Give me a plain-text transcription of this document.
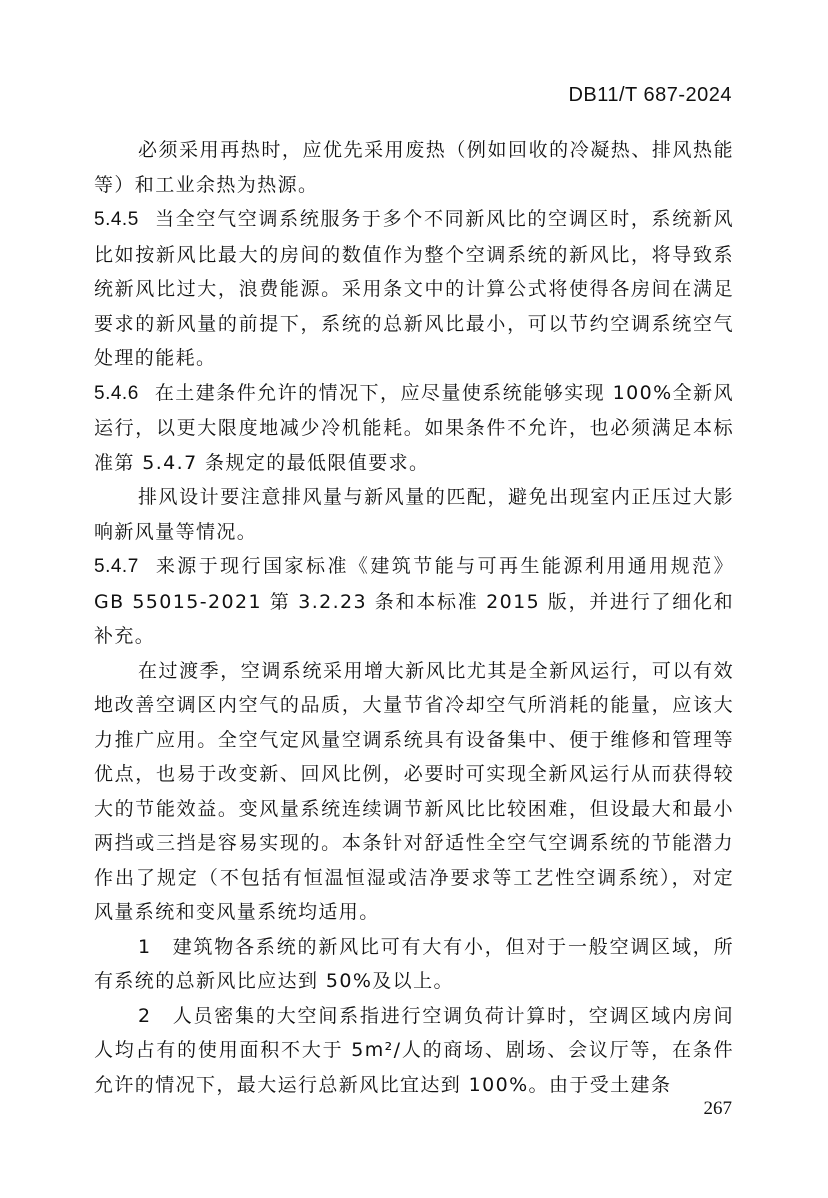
DB11/T 687-2024

必须采用再热时，应优先采用废热（例如回收的冷凝热、排风热能等）和工业余热为热源。

5.4.5 当全空气空调系统服务于多个不同新风比的空调区时，系统新风比如按新风比最大的房间的数值作为整个空调系统的新风比，将导致系统新风比过大，浪费能源。采用条文中的计算公式将使得各房间在满足要求的新风量的前提下，系统的总新风比最小，可以节约空调系统空气处理的能耗。

5.4.6 在土建条件允许的情况下，应尽量使系统能够实现 100%全新风运行，以更大限度地减少冷机能耗。如果条件不允许，也必须满足本标准第 5.4.7 条规定的最低限值要求。

排风设计要注意排风量与新风量的匹配，避免出现室内正压过大影响新风量等情况。

5.4.7 来源于现行国家标准《建筑节能与可再生能源利用通用规范》GB 55015-2021 第 3.2.23 条和本标准 2015 版，并进行了细化和补充。

在过渡季，空调系统采用增大新风比尤其是全新风运行，可以有效地改善空调区内空气的品质，大量节省冷却空气所消耗的能量，应该大力推广应用。全空气定风量空调系统具有设备集中、便于维修和管理等优点，也易于改变新、回风比例，必要时可实现全新风运行从而获得较大的节能效益。变风量系统连续调节新风比比较困难，但设最大和最小两挡或三挡是容易实现的。本条针对舒适性全空气空调系统的节能潜力作出了规定（不包括有恒温恒湿或洁净要求等工艺性空调系统），对定风量系统和变风量系统均适用。

1　建筑物各系统的新风比可有大有小，但对于一般空调区域，所有系统的总新风比应达到 50%及以上。

2　人员密集的大空间系指进行空调负荷计算时，空调区域内房间人均占有的使用面积不大于 5m²/人的商场、剧场、会议厅等，在条件允许的情况下，最大运行总新风比宜达到 100%。由于受土建条

267
